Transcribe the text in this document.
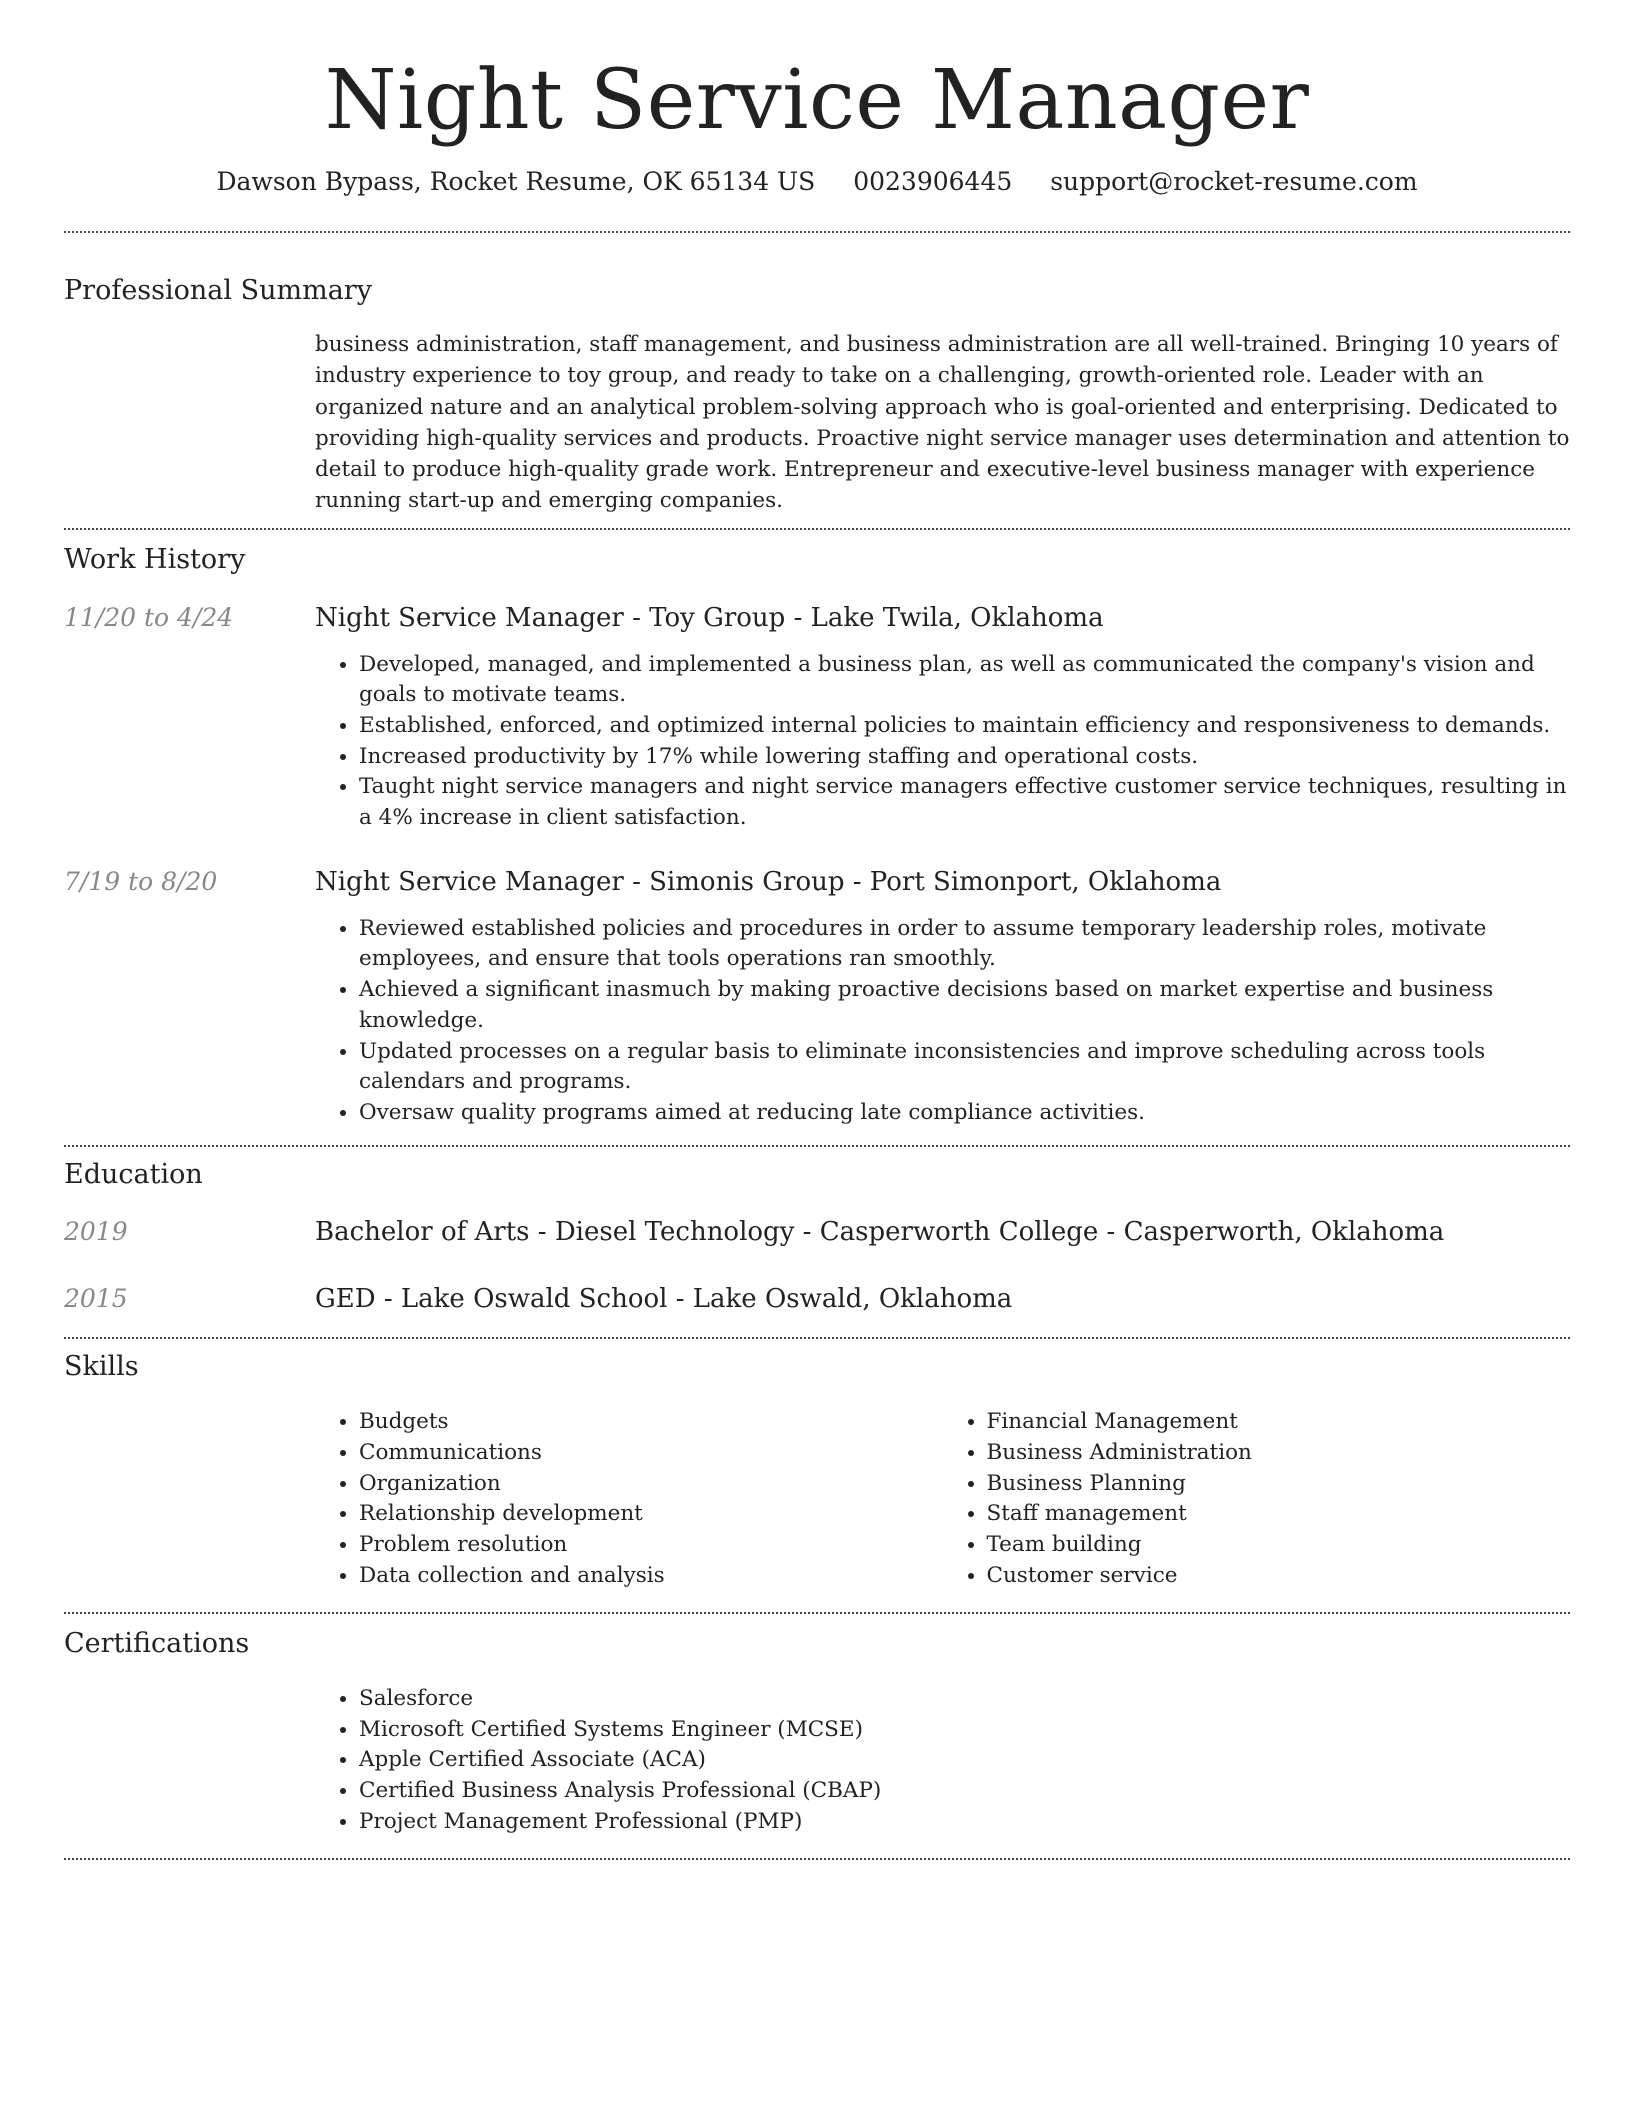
Night Service Manager
Dawson Bypass, Rocket Resume, OK 65134 US 0023906445 support@rocket-resume.com
Professional Summary
business administration, staff management, and business administration are all well-trained. Bringing 10 years of industry experience to toy group, and ready to take on a challenging, growth-oriented role. Leader with an organized nature and an analytical problem-solving approach who is goal-oriented and enterprising. Dedicated to providing high-quality services and products. Proactive night service manager uses determination and attention to detail to produce high-quality grade work. Entrepreneur and executive-level business manager with experience running start-up and emerging companies.
Work History
11/20 to 4/24	Night Service Manager - Toy Group - Lake Twila, Oklahoma
• Developed, managed, and implemented a business plan, as well as communicated the company's vision and goals to motivate teams.
• Established, enforced, and optimized internal policies to maintain efficiency and responsiveness to demands.
• Increased productivity by 17% while lowering staffing and operational costs.
• Taught night service managers and night service managers effective customer service techniques, resulting in a 4% increase in client satisfaction.
7/19 to 8/20	Night Service Manager - Simonis Group - Port Simonport, Oklahoma
• Reviewed established policies and procedures in order to assume temporary leadership roles, motivate employees, and ensure that tools operations ran smoothly.
• Achieved a significant inasmuch by making proactive decisions based on market expertise and business knowledge.
• Updated processes on a regular basis to eliminate inconsistencies and improve scheduling across tools calendars and programs.
• Oversaw quality programs aimed at reducing late compliance activities.
Education
2019	Bachelor of Arts - Diesel Technology - Casperworth College - Casperworth, Oklahoma
2015	GED - Lake Oswald School - Lake Oswald, Oklahoma
Skills
• Budgets
• Communications
• Organization
• Relationship development
• Problem resolution
• Data collection and analysis
• Financial Management
• Business Administration
• Business Planning
• Staff management
• Team building
• Customer service
Certifications
• Salesforce
• Microsoft Certified Systems Engineer (MCSE)
• Apple Certified Associate (ACA)
• Certified Business Analysis Professional (CBAP)
• Project Management Professional (PMP)
